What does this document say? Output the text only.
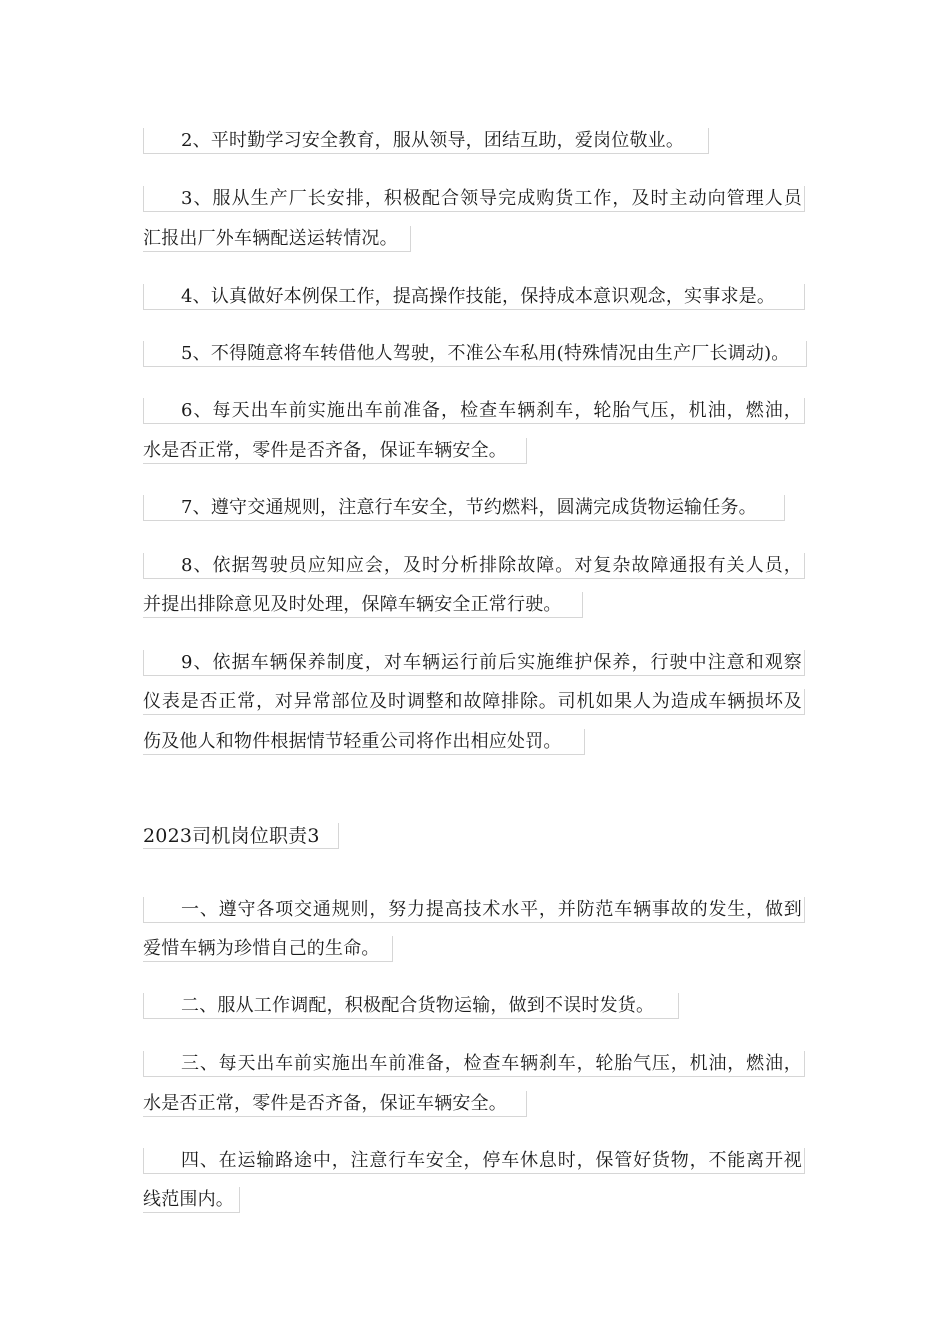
2、平时勤学习安全教育，服从领导，团结互助，爱岗位敬业。
3、服从生产厂长安排，积极配合领导完成购货工作，及时主动向管理人员
汇报出厂外车辆配送运转情况。
4、认真做好本例保工作，提高操作技能，保持成本意识观念，实事求是。
5、不得随意将车转借他人驾驶，不准公车私用(特殊情况由生产厂长调动)。
6、每天出车前实施出车前准备，检查车辆刹车，轮胎气压，机油，燃油，
水是否正常，零件是否齐备，保证车辆安全。
7、遵守交通规则，注意行车安全，节约燃料，圆满完成货物运输任务。
8、依据驾驶员应知应会，及时分析排除故障。对复杂故障通报有关人员，
并提出排除意见及时处理，保障车辆安全正常行驶。
9、依据车辆保养制度，对车辆运行前后实施维护保养，行驶中注意和观察
仪表是否正常，对异常部位及时调整和故障排除。司机如果人为造成车辆损坏及
伤及他人和物件根据情节轻重公司将作出相应处罚。
2023司机岗位职责3
一、遵守各项交通规则，努力提高技术水平，并防范车辆事故的发生，做到
爱惜车辆为珍惜自己的生命。
二、服从工作调配，积极配合货物运输，做到不误时发货。
三、每天出车前实施出车前准备，检查车辆刹车，轮胎气压，机油，燃油，
水是否正常，零件是否齐备，保证车辆安全。
四、在运输路途中，注意行车安全，停车休息时，保管好货物，不能离开视
线范围内。
